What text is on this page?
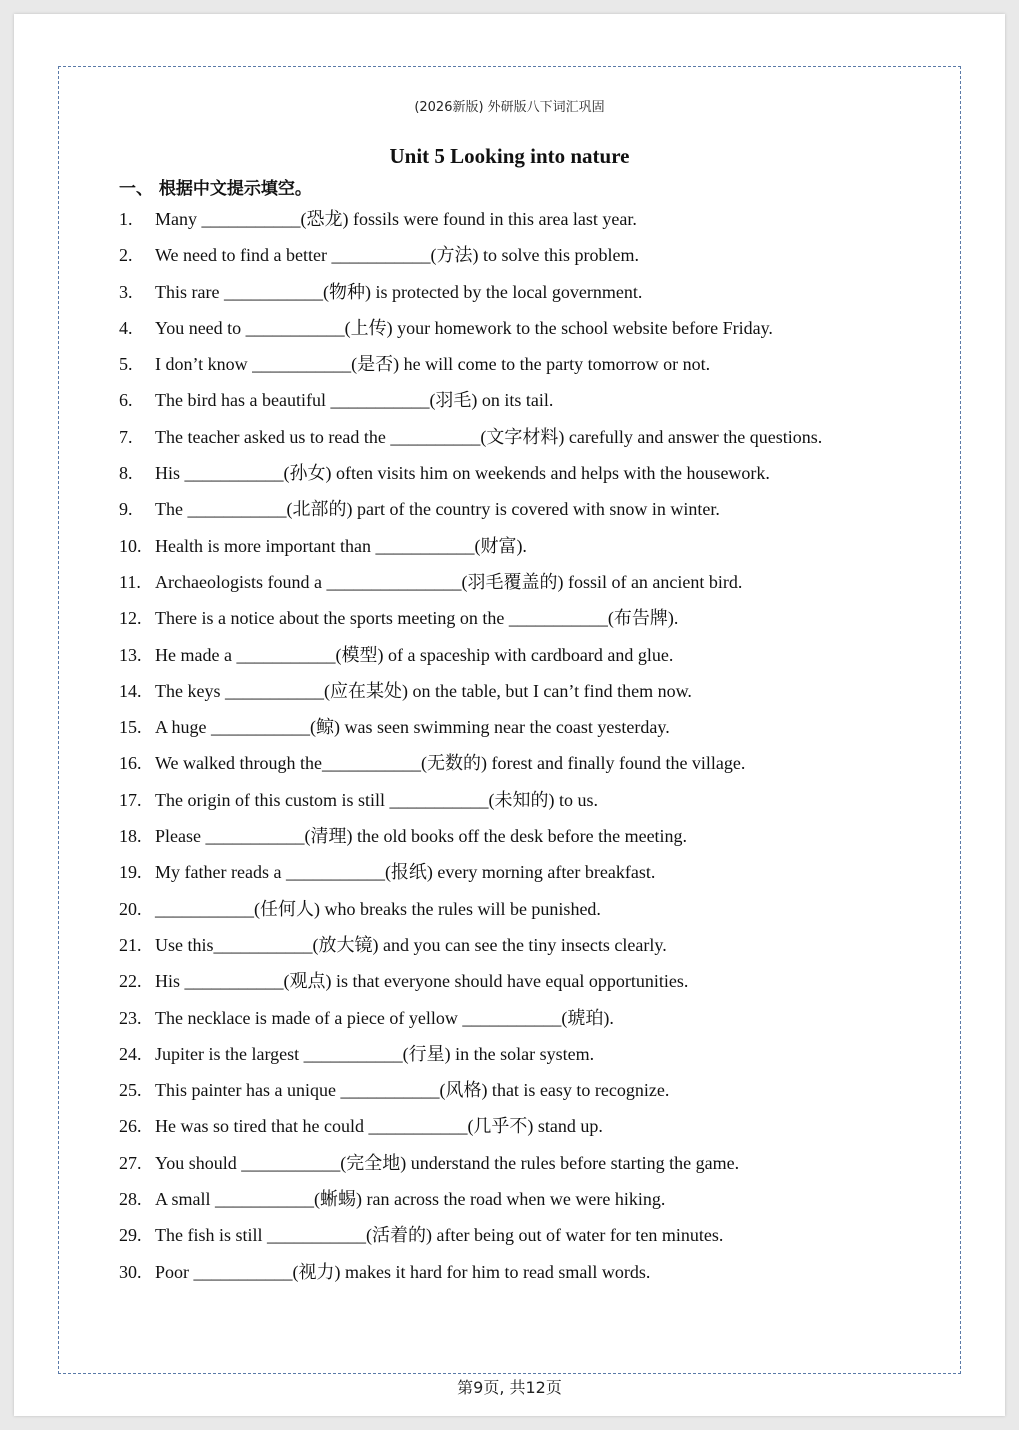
(2026新版) 外研版八下词汇巩固
Unit 5 Looking into nature
一、 根据中文提示填空。
1.	Many ___________(恐龙) fossils were found in this area last year.
2.	We need to find a better ___________(方法) to solve this problem.
3.	This rare ___________(物种) is protected by the local government.
4.	You need to ___________(上传) your homework to the school website before Friday.
5.	I don’t know ___________(是否) he will come to the party tomorrow or not.
6.	The bird has a beautiful ___________(羽毛) on its tail.
7.	The teacher asked us to read the __________(文字材料) carefully and answer the questions.
8.	His ___________(孙女) often visits him on weekends and helps with the housework.
9.	The ___________(北部的) part of the country is covered with snow in winter.
10. Health is more important than ___________(财富).
11. Archaeologists found a _______________(羽毛覆盖的) fossil of an ancient bird.
12. There is a notice about the sports meeting on the ___________(布告牌).
13. He made a ___________(模型) of a spaceship with cardboard and glue.
14. The keys ___________(应在某处) on the table, but I can’t find them now.
15. A huge ___________(鲸) was seen swimming near the coast yesterday.
16. We walked through the___________(无数的) forest and finally found the village.
17. The origin of this custom is still ___________(未知的) to us.
18. Please ___________(清理) the old books off the desk before the meeting.
19. My father reads a ___________(报纸) every morning after breakfast.
20. ___________(任何人) who breaks the rules will be punished.
21. Use this___________(放大镜) and you can see the tiny insects clearly.
22. His ___________(观点) is that everyone should have equal opportunities.
23. The necklace is made of a piece of yellow ___________(琥珀).
24. Jupiter is the largest ___________(行星) in the solar system.
25. This painter has a unique ___________(风格) that is easy to recognize.
26. He was so tired that he could ___________(几乎不) stand up.
27. You should ___________(完全地) understand the rules before starting the game.
28. A small ___________(蜥蜴) ran across the road when we were hiking.
29. The fish is still ___________(活着的) after being out of water for ten minutes.
30. Poor ___________(视力) makes it hard for him to read small words.
第9页, 共12页
